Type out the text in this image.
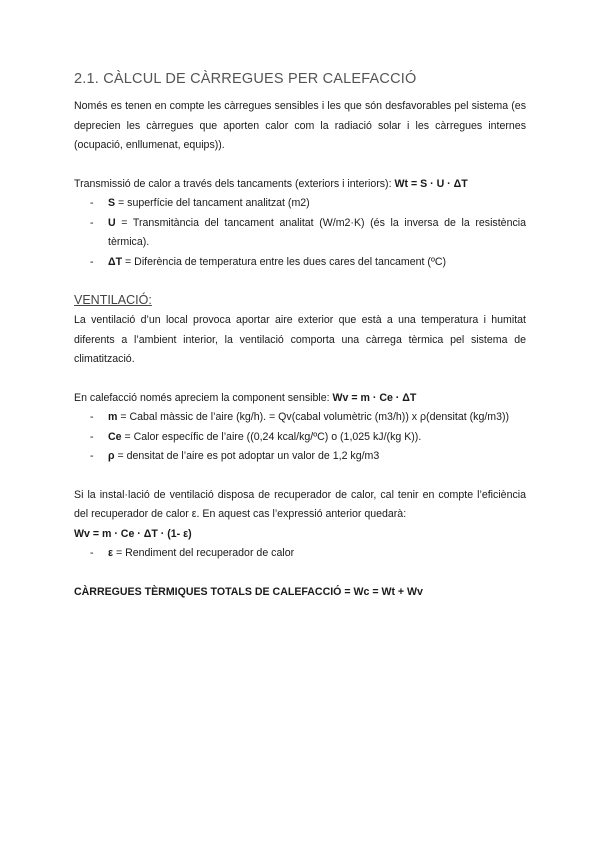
2.1. CÀLCUL DE CÀRREGUES PER CALEFACCIÓ

Només es tenen en compte les càrregues sensibles i les que són desfavorables pel sistema (es deprecien les càrregues que aporten calor com la radiació solar i les càrregues internes (ocupació, enllumenat, equips)).

Transmissió de calor a través dels tancaments (exteriors i interiors): Wt = S · U · ΔT

- S = superfície del tancament analitzat (m2)
- U = Transmitància del tancament analitat (W/m2·K) (és la inversa de la resistència tèrmica).
- ΔT = Diferència de temperatura entre les dues cares del tancament (ºC)
VENTILACIÓ:

La ventilació d’un local provoca aportar aire exterior que està a una temperatura i humitat diferents a l’ambient interior, la ventilació comporta una càrrega tèrmica pel sistema de climatització.

En calefacció només apreciem la component sensible: Wv = m · Ce · ΔT

- m = Cabal màssic de l’aire (kg/h). = Qv(cabal volumètric (m3/h)) x ρ(densitat (kg/m3))
- Ce = Calor específic de l’aire ((0,24 kcal/kg/ºC) o (1,025 kJ/(kg K)).
- ρ = densitat de l’aire es pot adoptar un valor de 1,2 kg/m3

Si la instal·lació de ventilació disposa de recuperador de calor, cal tenir en compte l’eficiència del recuperador de calor ε. En aquest cas l’expressió anterior quedarà:

Wv = m · Ce · ΔT · (1- ε)

- ε = Rendiment del recuperador de calor
CÀRREGUES TÈRMIQUES TOTALS DE CALEFACCIÓ = Wc = Wt + Wv
